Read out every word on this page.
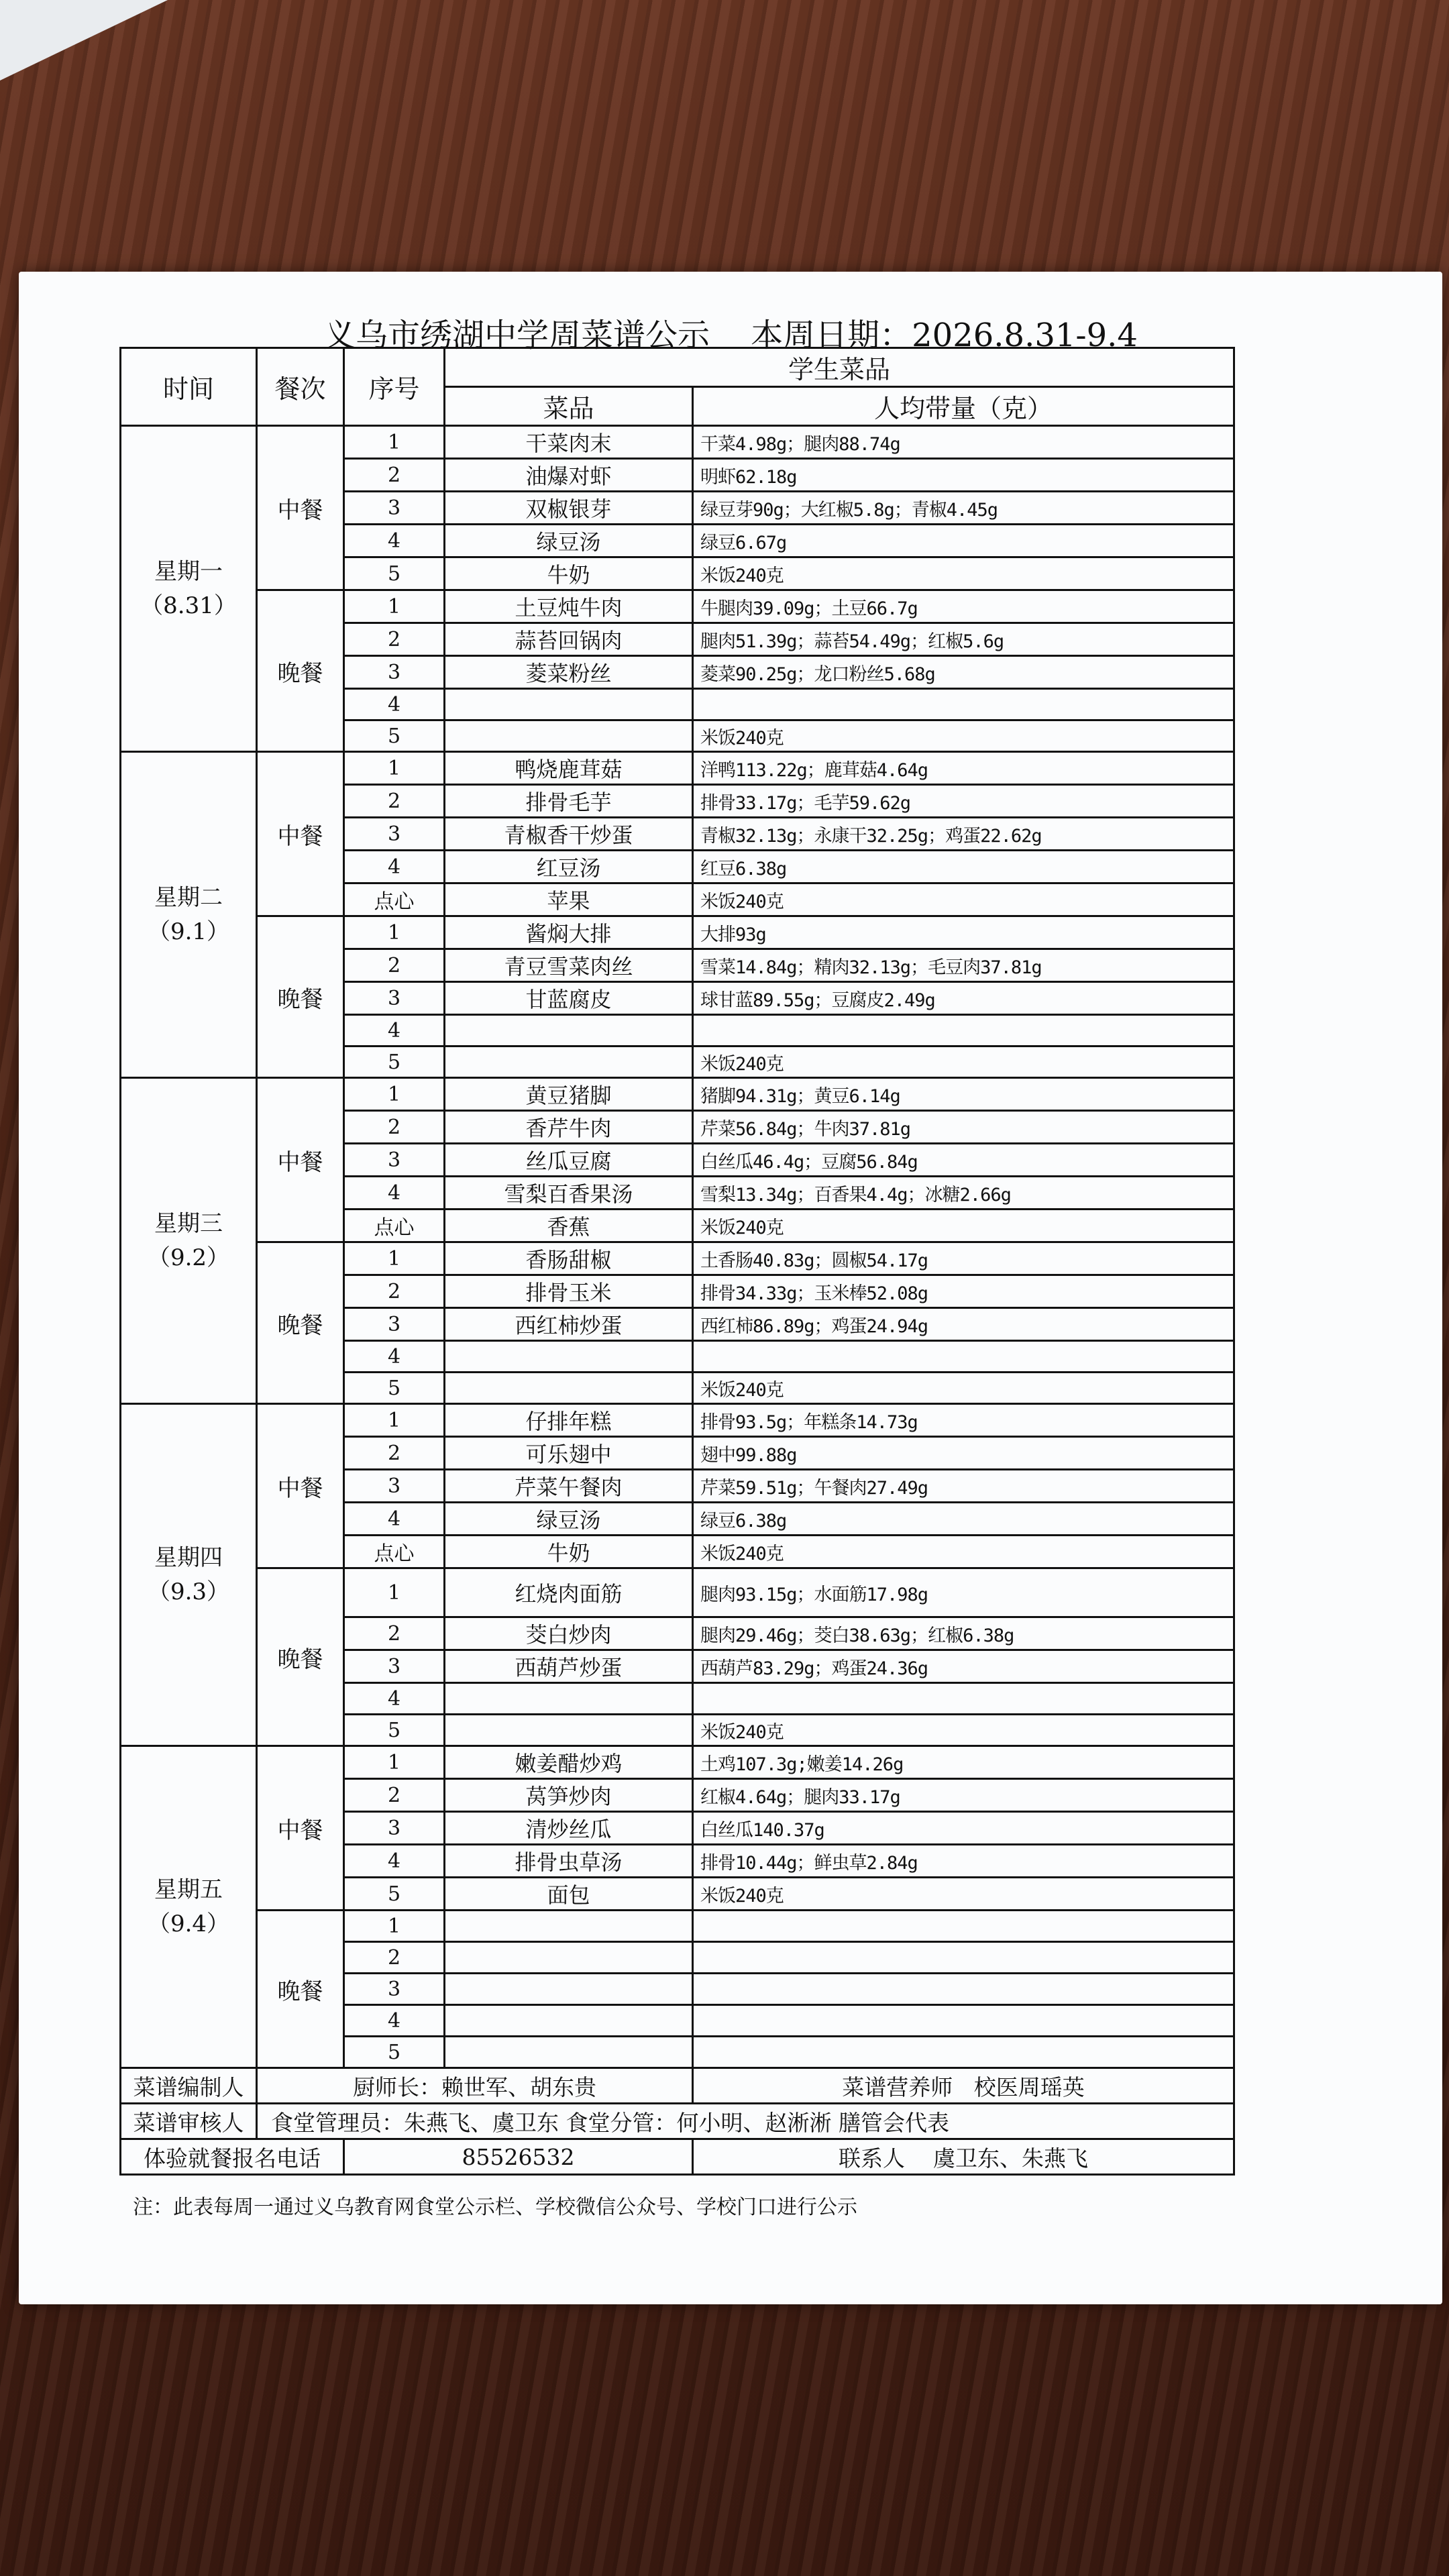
义乌市绣湖中学周菜谱公示 本周日期：2026.8.31-9.4
时间	餐次	序号	学生菜品	
			菜品	人均带量（克）

星期一
（8.31）	中餐	1	干菜肉末	干菜4.98g；腿肉88.74g
		2	油爆对虾	明虾62.18g
		3	双椒银芽	绿豆芽90g；大红椒5.8g；青椒4.45g
		4	绿豆汤	绿豆6.67g
		5	牛奶	米饭240克
	晚餐	1	土豆炖牛肉	牛腿肉39.09g；土豆66.7g
		2	蒜苔回锅肉	腿肉51.39g；蒜苔54.49g；红椒5.6g
		3	菱菜粉丝	菱菜90.25g；龙口粉丝5.68g
		4		
		5		米饭240克

星期二
（9.1）	中餐	1	鸭烧鹿茸菇	洋鸭113.22g；鹿茸菇4.64g
		2	排骨毛芋	排骨33.17g；毛芋59.62g
		3	青椒香干炒蛋	青椒32.13g；永康干32.25g；鸡蛋22.62g
		4	红豆汤	红豆6.38g
		点心	苹果	米饭240克
	晚餐	1	酱焖大排	大排93g
		2	青豆雪菜肉丝	雪菜14.84g；精肉32.13g；毛豆肉37.81g
		3	甘蓝腐皮	球甘蓝89.55g；豆腐皮2.49g
		4		
		5		米饭240克

星期三
（9.2）	中餐	1	黄豆猪脚	猪脚94.31g；黄豆6.14g
		2	香芹牛肉	芹菜56.84g；牛肉37.81g
		3	丝瓜豆腐	白丝瓜46.4g；豆腐56.84g
		4	雪梨百香果汤	雪梨13.34g；百香果4.4g；冰糖2.66g
		点心	香蕉	米饭240克
	晚餐	1	香肠甜椒	土香肠40.83g；圆椒54.17g
		2	排骨玉米	排骨34.33g；玉米棒52.08g
		3	西红柿炒蛋	西红柿86.89g；鸡蛋24.94g
		4		
		5		米饭240克

星期四
（9.3）	中餐	1	仔排年糕	排骨93.5g；年糕条14.73g
		2	可乐翅中	翅中99.88g
		3	芹菜午餐肉	芹菜59.51g；午餐肉27.49g
		4	绿豆汤	绿豆6.38g
		点心	牛奶	米饭240克
	晚餐	1	红烧肉面筋	腿肉93.15g；水面筋17.98g
		2	茭白炒肉	腿肉29.46g；茭白38.63g；红椒6.38g
		3	西葫芦炒蛋	西葫芦83.29g；鸡蛋24.36g
		4		
		5		米饭240克

星期五
（9.4）	中餐	1	嫩姜醋炒鸡	土鸡107.3g;嫩姜14.26g
		2	莴笋炒肉	红椒4.64g；腿肉33.17g
		3	清炒丝瓜	白丝瓜140.37g
		4	排骨虫草汤	排骨10.44g；鲜虫草2.84g
		5	面包	米饭240克
	晚餐	1		
		2		
		3		
		4		
		5		
菜谱编制人	厨师长：赖世军、胡东贵			菜谱营养师 校医周瑶英
菜谱审核人	食堂管理员：朱燕飞、虞卫东 食堂分管：何小明、赵淅淅 膳管会代表			
体验就餐报名电话		85526532		联系人 虞卫东、朱燕飞
注：此表每周一通过义乌教育网食堂公示栏、学校微信公众号、学校门口进行公示
